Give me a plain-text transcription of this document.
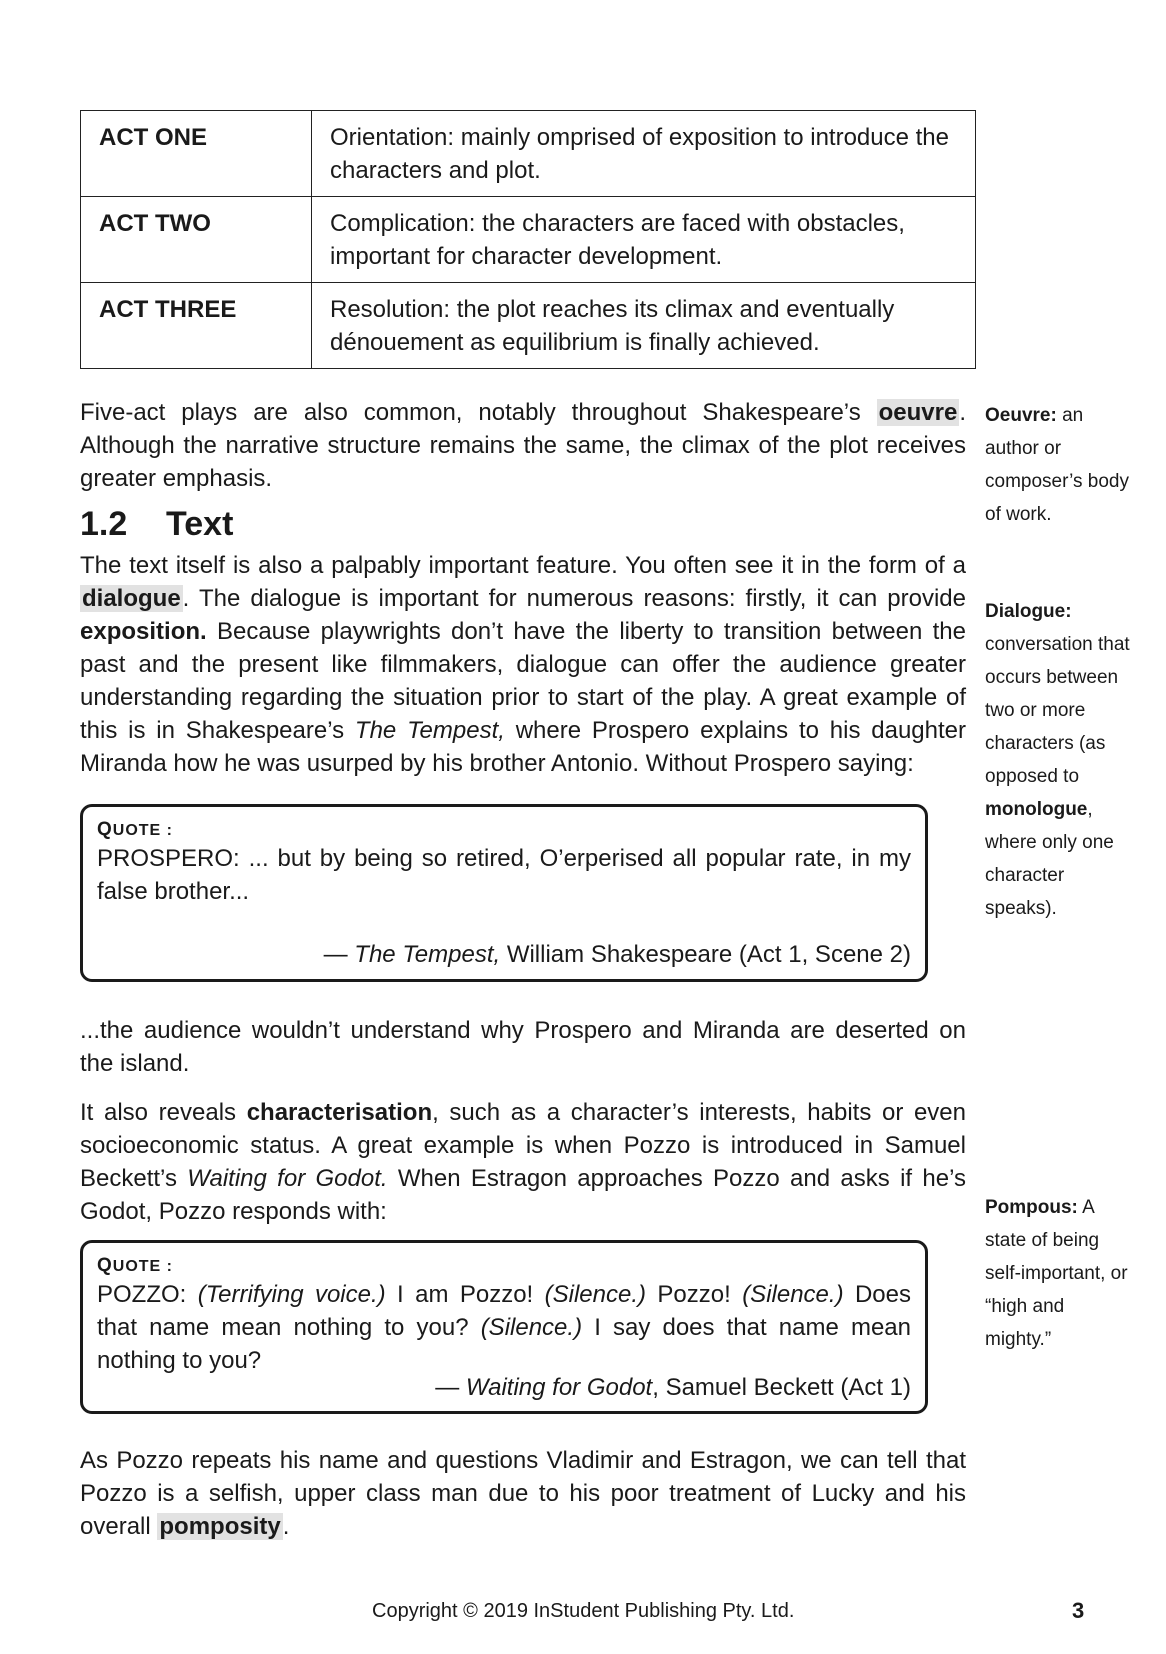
ACT ONE	Orientation: mainly omprised of exposition to introduce the characters and plot.
ACT TWO	Complication: the characters are faced with obstacles, important for character development.
ACT THREE	Resolution: the plot reaches its climax and eventually dénouement as equilibrium is finally achieved.

Five-act plays are also common, notably throughout Shakespeare’s oeuvre. Although the narrative structure remains the same, the climax of the plot receives greater emphasis.

1.2 Text

The text itself is also a palpably important feature. You often see it in the form of a dialogue. The dialogue is important for numerous reasons: firstly, it can provide exposition. Because playwrights don’t have the liberty to transition between the past and the present like filmmakers, dialogue can offer the audience greater understanding regarding the situation prior to start of the play. A great example of this is in Shakespeare’s The Tempest, where Prospero explains to his daughter Miranda how he was usurped by his brother Antonio. Without Prospero saying:

QUOTE :
PROSPERO: ... but by being so retired, O’erperised all popular rate, in my false brother...
— The Tempest, William Shakespeare (Act 1, Scene 2)

...the audience wouldn’t understand why Prospero and Miranda are deserted on the island.

It also reveals characterisation, such as a character’s interests, habits or even socioeconomic status. A great example is when Pozzo is introduced in Samuel Beckett’s Waiting for Godot. When Estragon approaches Pozzo and asks if he’s Godot, Pozzo responds with:

QUOTE :
POZZO: (Terrifying voice.) I am Pozzo! (Silence.) Pozzo! (Silence.) Does that name mean nothing to you? (Silence.) I say does that name mean nothing to you?
— Waiting for Godot, Samuel Beckett (Act 1)

As Pozzo repeats his name and questions Vladimir and Estragon, we can tell that Pozzo is a selfish, upper class man due to his poor treatment of Lucky and his overall pomposity.

Oeuvre: an author or composer’s body of work.
Dialogue: conversation that occurs between two or more characters (as opposed to monologue, where only one character speaks).
Pompous: A state of being self-important, or “high and mighty.”
Copyright © 2019 InStudent Publishing Pty. Ltd.	3
